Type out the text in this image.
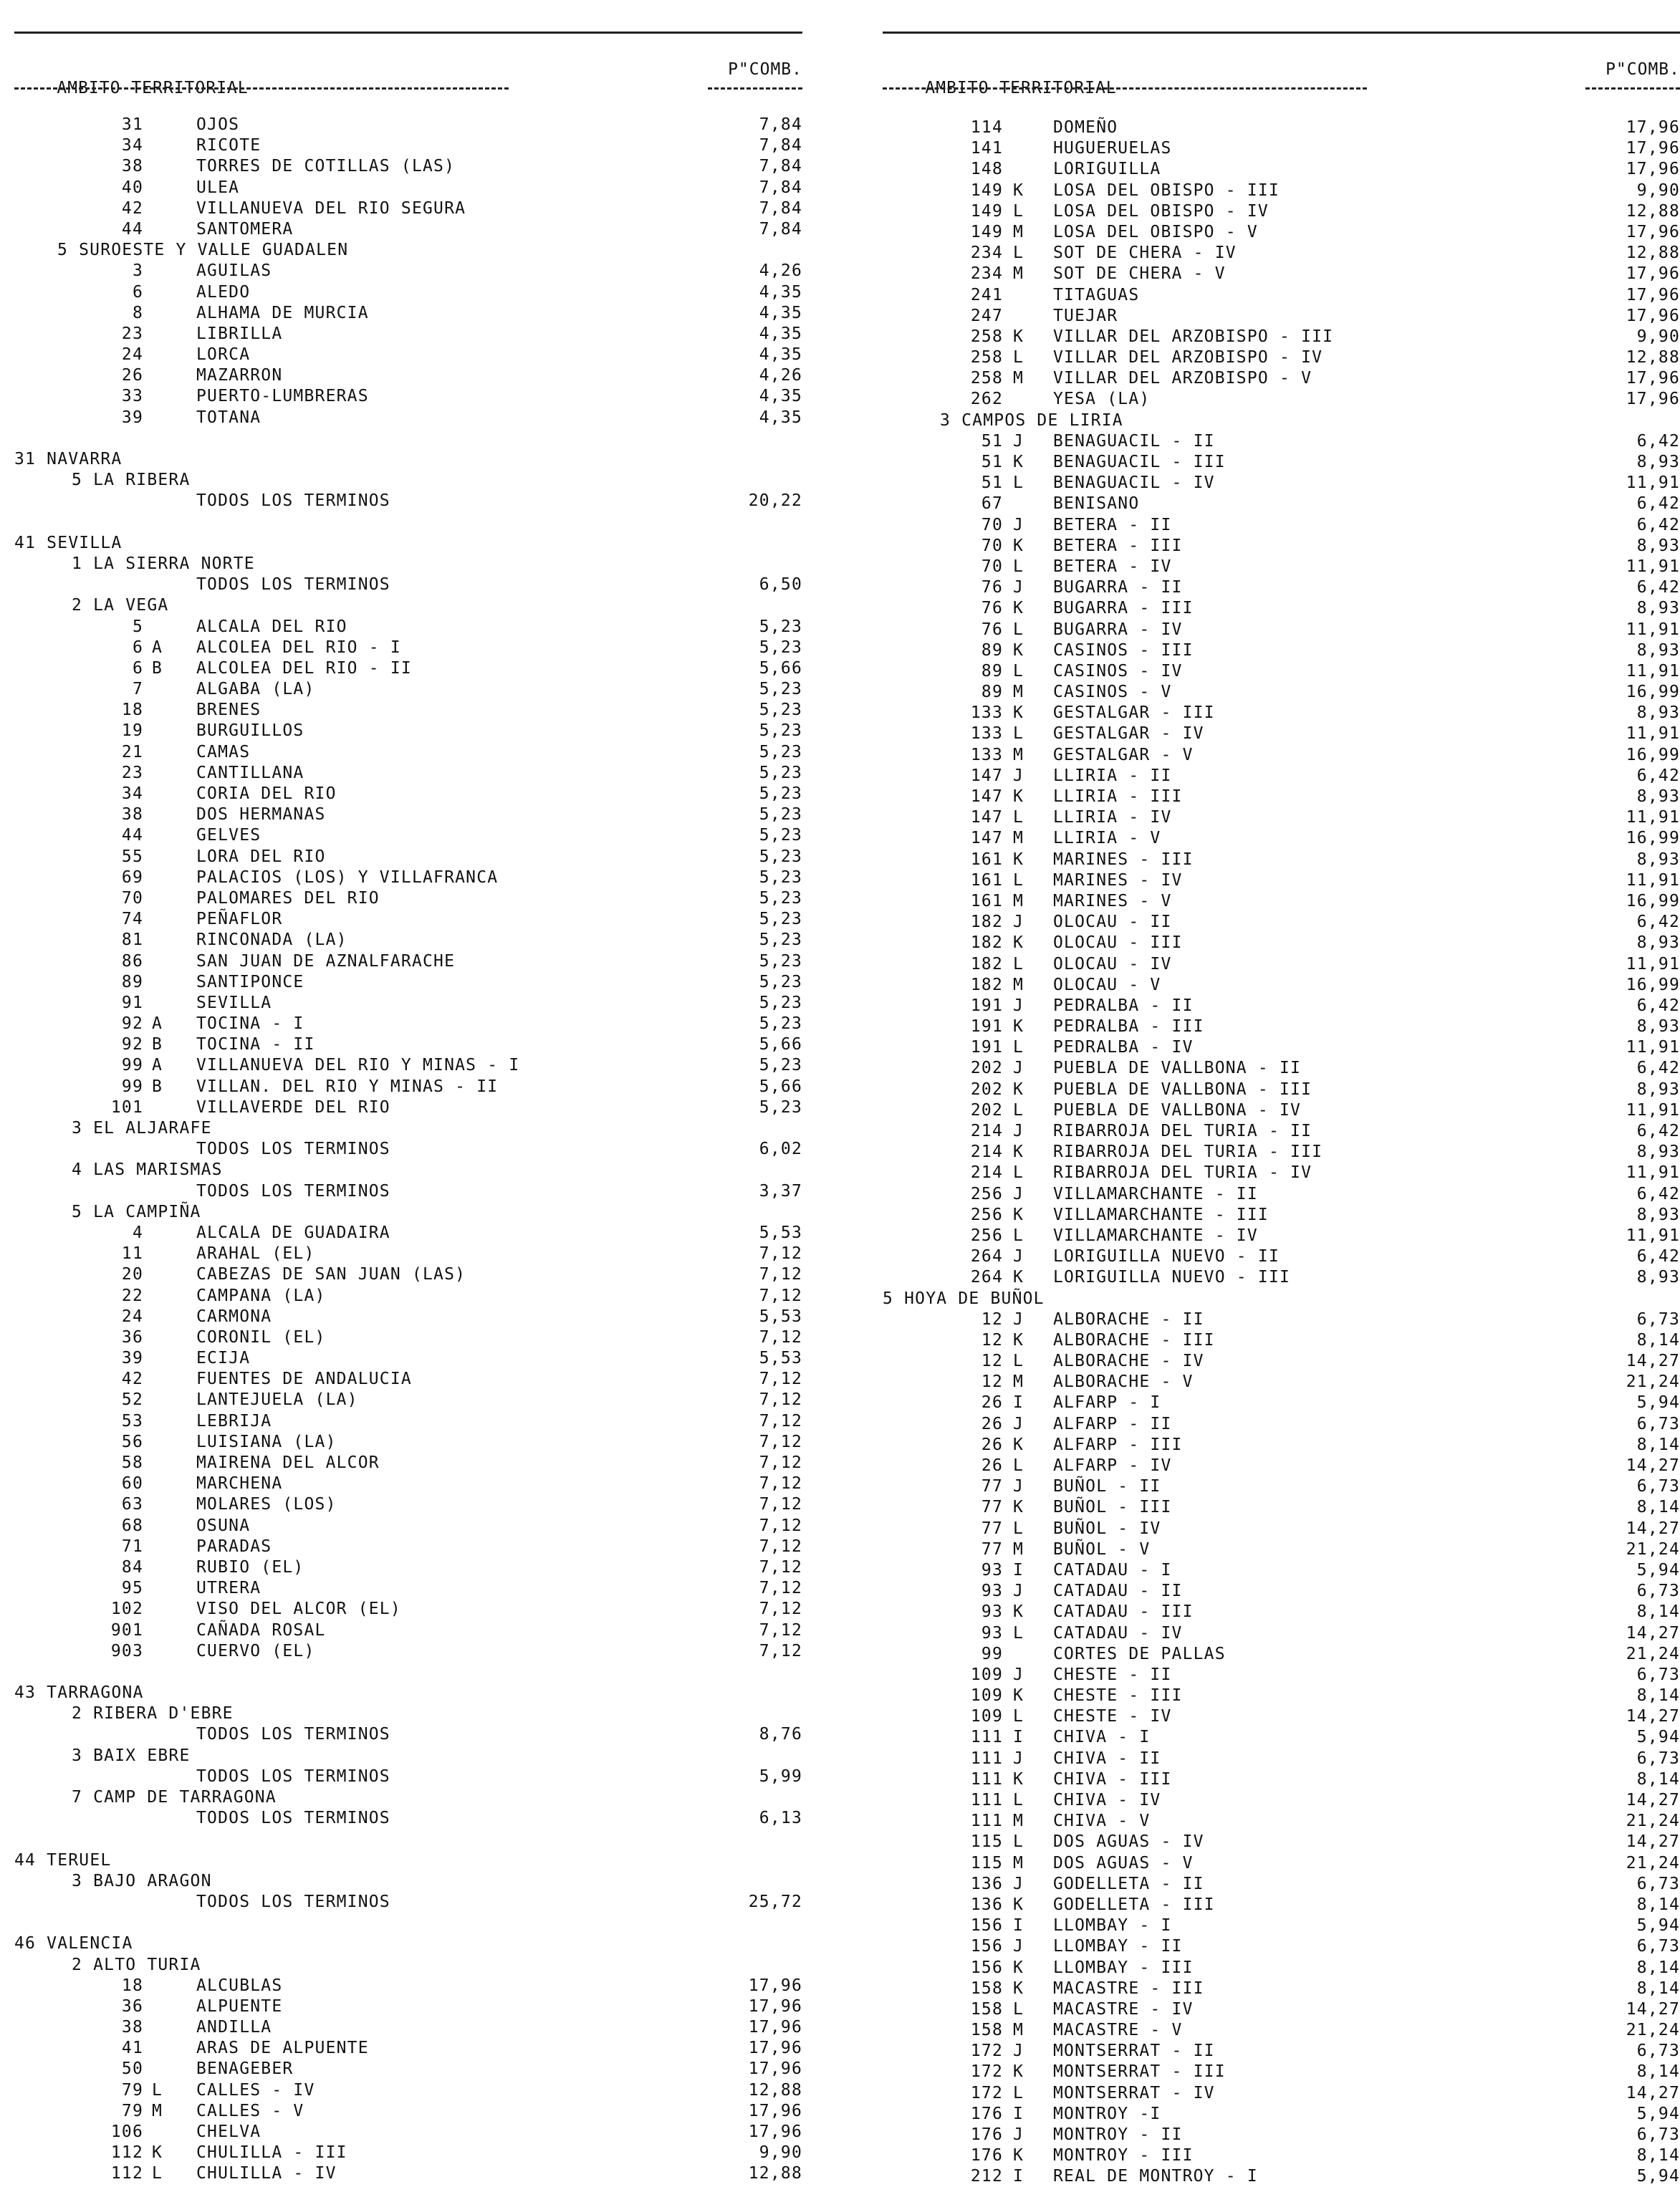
AMBITO TERRITORIAL

P"COMB.

31	OJOS	7,84
34	RICOTE	7,84
38	TORRES DE COTILLAS (LAS)	7,84
40	ULEA	7,84
42	VILLANUEVA DEL RIO SEGURA	7,84
44	SANTOMERA	7,84
5 SUROESTE Y VALLE GUADALEN
3	AGUILAS	4,26
6	ALEDO	4,35
8	ALHAMA DE MURCIA	4,35
23	LIBRILLA	4,35
24	LORCA	4,35
26	MAZARRON	4,26
33	PUERTO-LUMBRERAS	4,35
39	TOTANA	4,35
31 NAVARRA
5 LA RIBERA
TODOS LOS TERMINOS	20,22
41 SEVILLA
1 LA SIERRA NORTE
TODOS LOS TERMINOS	6,50
2 LA VEGA
5	ALCALA DEL RIO	5,23
6 A ALCOLEA DEL RIO - I	5,23
6 B ALCOLEA DEL RIO - II	5,66
7	ALGABA (LA)	5,23
18	BRENES	5,23
19	BURGUILLOS	5,23
21	CAMAS	5,23
23	CANTILLANA	5,23
34	CORIA DEL RIO	5,23
38	DOS HERMANAS	5,23
44	GELVES	5,23
55	LORA DEL RIO	5,23
69	PALACIOS (LOS) Y VILLAFRANCA	5,23
70	PALOMARES DEL RIO	5,23
74	PEÑAFLOR	5,23
81	RINCONADA (LA)	5,23
86	SAN JUAN DE AZNALFARACHE	5,23
89	SANTIPONCE	5,23
91	SEVILLA	5,23
92 A TOCINA - I	5,23
92 B TOCINA - II	5,66
99 A VILLANUEVA DEL RIO Y MINAS - I	5,23
99 B VILLAN. DEL RIO Y MINAS - II	5,66
101	VILLAVERDE DEL RIO	5,23
3 EL ALJARAFE
TODOS LOS TERMINOS	6,02
4 LAS MARISMAS
TODOS LOS TERMINOS	3,37
5 LA CAMPIÑA
4	ALCALA DE GUADAIRA	5,53
11	ARAHAL (EL)	7,12
20	CABEZAS DE SAN JUAN (LAS)	7,12
22	CAMPANA (LA)	7,12
24	CARMONA	5,53
36	CORONIL (EL)	7,12
39	ECIJA	5,53
42	FUENTES DE ANDALUCIA	7,12
52	LANTEJUELA (LA)	7,12
53	LEBRIJA	7,12
56	LUISIANA (LA)	7,12
58	MAIRENA DEL ALCOR	7,12
60	MARCHENA	7,12
63	MOLARES (LOS)	7,12
68	OSUNA	7,12
71	PARADAS	7,12
84	RUBIO (EL)	7,12
95	UTRERA	7,12
102	VISO DEL ALCOR (EL)	7,12
901	CAÑADA ROSAL	7,12
903	CUERVO (EL)	7,12
43 TARRAGONA
2 RIBERA D'EBRE
TODOS LOS TERMINOS	8,76
3 BAIX EBRE
TODOS LOS TERMINOS	5,99
7 CAMP DE TARRAGONA
TODOS LOS TERMINOS	6,13
44 TERUEL
3 BAJO ARAGON
TODOS LOS TERMINOS	25,72
46 VALENCIA
2 ALTO TURIA
18	ALCUBLAS	17,96
36	ALPUENTE	17,96
38	ANDILLA	17,96
41	ARAS DE ALPUENTE	17,96
50	BENAGEBER	17,96
79 L CALLES - IV	12,88
79 M CALLES - V	17,96
106	CHELVA	17,96
112 K CHULILLA - III	9,90
112 L CHULILLA - IV	12,88

AMBITO TERRITORIAL

P"COMB.

114	DOMEÑO	17,96
141	HUGUERUELAS	17,96
148	LORIGUILLA	17,96
149 K LOSA DEL OBISPO - III	9,90
149 L LOSA DEL OBISPO - IV	12,88
149 M LOSA DEL OBISPO - V	17,96
234 L SOT DE CHERA - IV	12,88
234 M SOT DE CHERA - V	17,96
241	TITAGUAS	17,96
247	TUEJAR	17,96
258 K VILLAR DEL ARZOBISPO - III	9,90
258 L VILLAR DEL ARZOBISPO - IV	12,88
258 M VILLAR DEL ARZOBISPO - V	17,96
262	YESA (LA)	17,96
3 CAMPOS DE LIRIA
51 J BENAGUACIL - II	6,42
51 K BENAGUACIL - III	8,93
51 L BENAGUACIL - IV	11,91
67	BENISANO	6,42
70 J BETERA - II	6,42
70 K BETERA - III	8,93
70 L BETERA - IV	11,91
76 J BUGARRA - II	6,42
76 K BUGARRA - III	8,93
76 L BUGARRA - IV	11,91
89 K CASINOS - III	8,93
89 L CASINOS - IV	11,91
89 M CASINOS - V	16,99
133 K GESTALGAR - III	8,93
133 L GESTALGAR - IV	11,91
133 M GESTALGAR - V	16,99
147 J LLIRIA - II	6,42
147 K LLIRIA - III	8,93
147 L LLIRIA - IV	11,91
147 M LLIRIA - V	16,99
161 K MARINES - III	8,93
161 L MARINES - IV	11,91
161 M MARINES - V	16,99
182 J OLOCAU - II	6,42
182 K OLOCAU - III	8,93
182 L OLOCAU - IV	11,91
182 M OLOCAU - V	16,99
191 J PEDRALBA - II	6,42
191 K PEDRALBA - III	8,93
191 L PEDRALBA - IV	11,91
202 J PUEBLA DE VALLBONA - II	6,42
202 K PUEBLA DE VALLBONA - III	8,93
202 L PUEBLA DE VALLBONA - IV	11,91
214 J RIBARROJA DEL TURIA - II	6,42
214 K RIBARROJA DEL TURIA - III	8,93
214 L RIBARROJA DEL TURIA - IV	11,91
256 J VILLAMARCHANTE - II	6,42
256 K VILLAMARCHANTE - III	8,93
256 L VILLAMARCHANTE - IV	11,91
264 J LORIGUILLA NUEVO - II	6,42
264 K LORIGUILLA NUEVO - III	8,93
5 HOYA DE BUÑOL
12 J ALBORACHE - II	6,73
12 K ALBORACHE - III	8,14
12 L ALBORACHE - IV	14,27
12 M ALBORACHE - V	21,24
26 I ALFARP - I	5,94
26 J ALFARP - II	6,73
26 K ALFARP - III	8,14
26 L ALFARP - IV	14,27
77 J BUÑOL - II	6,73
77 K BUÑOL - III	8,14
77 L BUÑOL - IV	14,27
77 M BUÑOL - V	21,24
93 I CATADAU - I	5,94
93 J CATADAU - II	6,73
93 K CATADAU - III	8,14
93 L CATADAU - IV	14,27
99	CORTES DE PALLAS	21,24
109 J CHESTE - II	6,73
109 K CHESTE - III	8,14
109 L CHESTE - IV	14,27
111 I CHIVA - I	5,94
111 J CHIVA - II	6,73
111 K CHIVA - III	8,14
111 L CHIVA - IV	14,27
111 M CHIVA - V	21,24
115 L DOS AGUAS - IV	14,27
115 M DOS AGUAS - V	21,24
136 J GODELLETA - II	6,73
136 K GODELLETA - III	8,14
156 I LLOMBAY - I	5,94
156 J LLOMBAY - II	6,73
156 K LLOMBAY - III	8,14
158 K MACASTRE - III	8,14
158 L MACASTRE - IV	14,27
158 M MACASTRE - V	21,24
172 J MONTSERRAT - II	6,73
172 K MONTSERRAT - III	8,14
172 L MONTSERRAT - IV	14,27
176 I MONTROY -I	5,94
176 J MONTROY - II	6,73
176 K MONTROY - III	8,14
212 I REAL DE MONTROY - I	5,94
